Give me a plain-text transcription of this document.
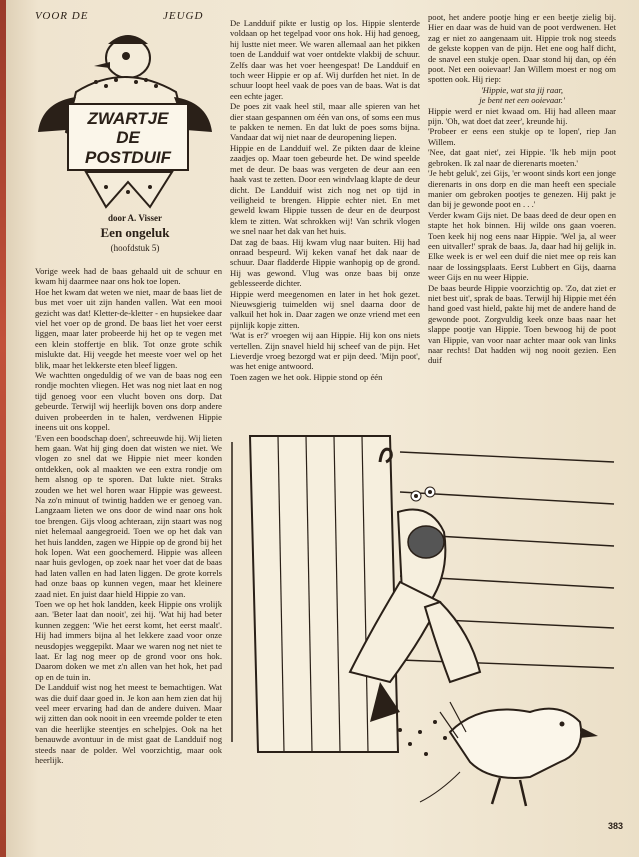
VOOR DE	JEUGD
ZWARTJE
DE
POSTDUIF
door A. Visser
Een ongeluk
(hoofdstuk 5)

Vorige week had de baas gehaald uit de schuur en kwam hij daarmee naar ons hok toe lopen.

Hoe het kwam dat weten we niet, maar de baas liet de bus met voer uit zijn handen vallen. Wat een mooi gezicht was dat! Kletter-de-kletter - en hupsiekee daar viel het voer op de grond. De baas liet het voer eerst liggen, maar later probeerde hij het op te vegen met een klein stoffertje en blik. Tot onze grote schik mislukte dat. Hij veegde het meeste voer wel op het blik, maar het lekkerste eten bleef liggen.

We wachtten ongeduldig of we van de baas nog een rondje mochten vliegen. Het was nog niet laat en nog tijd genoeg voor een vlucht boven ons dorp. Dat gebeurde. Terwijl wij heerlijk boven ons dorp andere duiven probeerden in te halen, verdwenen Hippie ineens uit ons koppel.

'Even een boodschap doen', schreeuwde hij. Wij lieten hem gaan. Wat hij ging doen dat wisten we niet. We vlogen zo snel dat we Hippie niet meer konden ontdekken, ook al maakten we een extra rondje om hem alsnog op te sporen. Dat lukte niet. Straks zouden we het wel horen waar Hippie was geweest. Na zo'n minuut of twintig hadden we er genoeg van. Langzaam lieten we ons door de wind naar ons hok toe brengen. Gijs vloog achteraan, zijn staart was nog niet helemaal aangegroeid. Toen we op het dak van het huis landden, zagen we Hippie op de grond bij het hok lopen. Wat een goochemerd. Hippie was alleen naar huis gevlogen, op zoek naar het voer dat de baas had laten vallen en had laten liggen. De grote korrels had onze baas op kunnen vegen, maar het kleinere zaad niet. En juist daar hield Hippie zo van.

Toen we op het hok landden, keek Hippie ons vrolijk aan. 'Beter laat dan nooit', zei hij. 'Wat hij had beter kunnen zeggen: 'Wie het eerst komt, het eerst maalt'. Hij had immers bijna al het lekkere zaad voor onze neusdopjes weggepikt. Maar we waren nog net niet te laat. Er lag nog meer op de grond voor ons hok. Daarom doken we met z'n allen van het hok, het pad op en de tuin in.

De Landduif wist nog het meest te bemachtigen. Wat was die duif daar goed in. Je kon aan hem zien dat hij veel meer ervaring had dan de andere duiven. Maar wij zitten dan ook nooit in een vreemde polder te eten van die heerlijke steentjes en schelpjes. Ook na het benauwde avontuur in de mist gaat de Landduif nog steeds naar de polder. Wel voorzichtig, maar ook heerlijk.

De Landduif pikte er lustig op los. Hippie slenterde voldaan op het tegelpad voor ons hok. Hij had genoeg, hij lustte niet meer. We waren allemaal aan het pikken toen de Landduif wat voer ontdekte vlakbij de schuur. Zelfs daar was het voer heengespat! De Landduif en toch weer Hippie er op af. Wij durfden het niet. In de schuur loopt heel vaak de poes van de baas. Wat is dat een echte jager.

De poes zit vaak heel stil, maar alle spieren van het dier staan gespannen om één van ons, of soms een mus te pakken te nemen. En dat lukt de poes soms bijna. Vandaar dat wij niet naar de deuropening liepen.

Hippie en de Landduif wel. Ze pikten daar de kleine zaadjes op. Maar toen gebeurde het. De wind speelde met de deur. De baas was vergeten de deur aan een haak vast te zetten. Door een windvlaag klapte de deur dicht. De Landduif wist zich nog net op tijd in veiligheid te brengen. Hippie echter niet. En met geweld kwam Hippie tussen de deur en de deurpost klem te zitten. Wat schrokken wij! Van schrik vlogen we snel naar het dak van het huis.

Dat zag de baas. Hij kwam vlug naar buiten. Hij had onraad bespeurd. Wij keken vanaf het dak naar de schuur. Daar fladderde Hippie wanhopig op de grond. Hij was gewond. Vlug was onze baas bij onze geblesseerde dichter.

Hippie werd meegenomen en later in het hok gezet. Nieuwsgierig tuimelden wij snel daarna door de valkuil het hok in. Daar zagen we onze vriend met een pijnlijk kopje zitten.

'Wat is er?' vroegen wij aan Hippie. Hij kon ons niets vertellen. Zijn snavel hield hij scheef van de pijn. Het Lieverdje vroeg bezorgd wat er pijn deed. 'Mijn poot', was het enige antwoord.

Toen zagen we het ook. Hippie stond op één

poot, het andere pootje hing er een beetje zielig bij. Hier en daar was de huid van de poot verdwenen. Het zag er niet zo aangenaam uit. Hippie trok nog steeds de gekste koppen van de pijn. Het ene oog half dicht, de snavel een stukje open. Daar stond hij dan, op één poot. Net een ooievaar! Jan Willem moest er nog om spotten ook. Hij riep:

'Hippie, wat sta jij raar,
je bent net een ooievaar.'

Hippie werd er niet kwaad om. Hij had alleen maar pijn. 'Oh, wat doet dat zeer', kreunde hij.

'Probeer er eens een stukje op te lopen', riep Jan Willem.

'Nee, dat gaat niet', zei Hippie. 'Ik heb mijn poot gebroken. Ik zal naar de dierenarts moeten.'

'Je hebt geluk', zei Gijs, 'er woont sinds kort een jonge dierenarts in ons dorp en die man heeft een speciale manier om gebroken pootjes te genezen. Hij pakt je dan bij je gewonde poot en . . .'

Verder kwam Gijs niet. De baas deed de deur open en stapte het hok binnen. Hij wilde ons gaan voeren. Toen keek hij nog eens naar Hippie. 'Wel ja, al weer een uitvaller!' sprak de baas. Ja, daar had hij gelijk in. Elke week is er wel een duif die niet mee op reis kan naar de lossingsplaats. Eerst Lubbert en Gijs, daarna weer Gijs en nu weer Hippie.

De baas beurde Hippie voorzichtig op. 'Zo, dat ziet er niet best uit', sprak de baas. Terwijl hij Hippie met één hand goed vast hield, pakte hij met de andere hand de gewonde poot. Zorgvuldig keek onze baas naar het slappe pootje van Hippie. Toen bewoog hij de poot van Hippie, van voor naar achter maar ook van links naar rechts! Dat hadden wij nog nooit gezien. Een duif

383
